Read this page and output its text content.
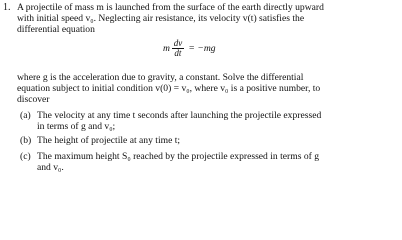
1. A projectile of mass m is launched from the surface of the earth directly upward
with initial speed v₀. Neglecting air resistance, its velocity v(t) satisfies the
differential equation
m $\frac{dv}{dt} = -mg$
where g is the acceleration due to gravity, a constant. Solve the differential
equation subject to initial condition v(0) = v₀, where v₀ is a positive number, to
discover
(a) The velocity at any time t seconds after launching the projectile expressed
in terms of g and v₀;
(b) The height of projectile at any time t;
(c) The maximum height S₀ reached by the projectile expressed in terms of g
and v₀.
